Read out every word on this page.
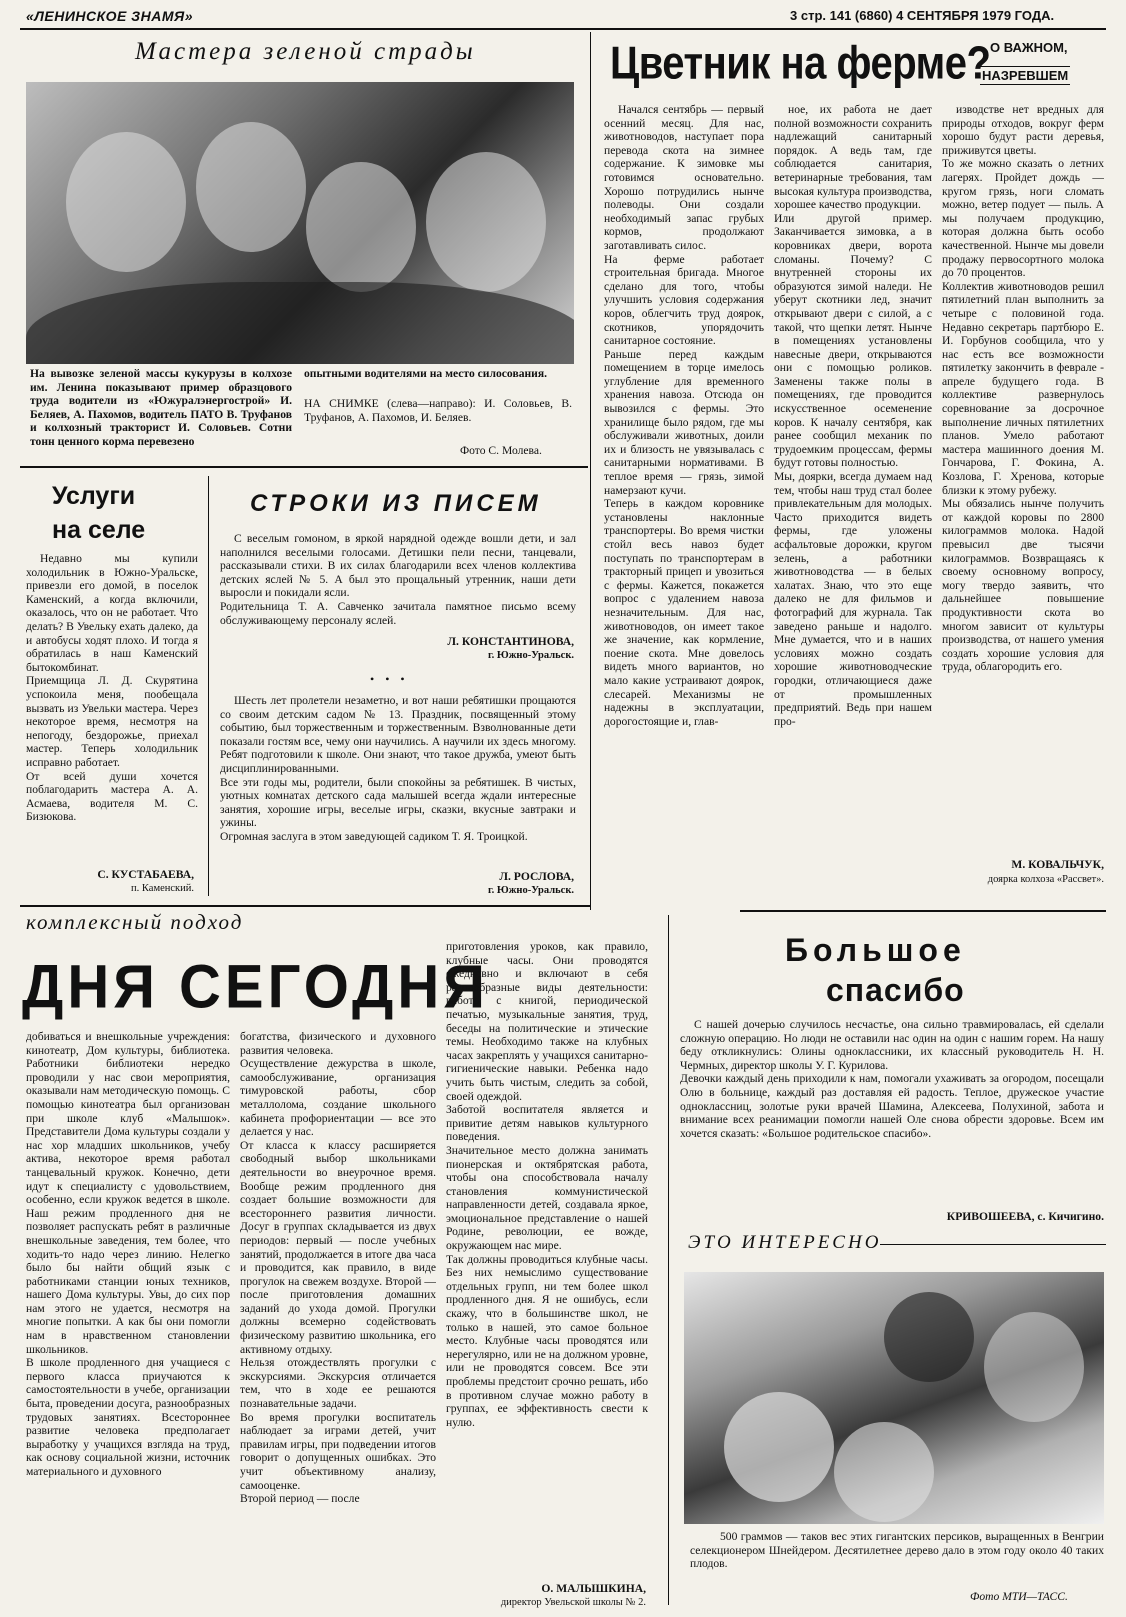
«ЛЕНИНСКОЕ ЗНАМЯ»	3 стр. 141 (6860) 4 СЕНТЯБРЯ 1979 ГОДА.
Мастера зеленой страды
На вывозке зеленой массы кукурузы в колхозе им. Ленина показывают пример образцового труда водители из «Южуралэнергострой» И. Беляев, А. Пахомов, водитель ПАТО В. Труфанов и колхозный тракторист И. Соловьев. Сотни тонн ценного корма перевезено
опытными водителями на место силосования.
НА СНИМКЕ (слева—направо): И. Соловьев, В. Труфанов, А. Пахомов, И. Беляев.
Фото С. Молева.
Цветник на ферме? О ВАЖНОМ,
НАЗРЕВШЕМ
Начался сентябрь — первый осенний месяц. Для нас, животноводов, наступает пора перевода скота на зимнее содержание. К зимовке мы готовимся основательно. Хорошо потрудились нынче полеводы. Они создали необходимый запас грубых кормов, продолжают заготавливать силос.
На ферме работает строительная бригада. Многое сделано для того, чтобы улучшить условия содержания коров, облегчить труд доярок, скотников, упорядочить санитарное состояние.
Раньше перед каждым помещением в торце имелось углубление для временного хранения навоза. Отсюда он вывозился с фермы. Это хранилище было рядом, где мы обслуживали животных, доили их и близость не увязывалась с санитарными нормативами. В теплое время — грязь, зимой намерзают кучи.
Теперь в каждом коровнике установлены наклонные транспортеры. Во время чистки стойл весь навоз будет поступать по транспортерам в тракторный прицеп и увозиться с фермы. Кажется, покажется вопрос с удалением навоза незначительным. Для нас, животноводов, он имеет такое же значение, как кормление, поение скота. Мне довелось видеть много вариантов, но мало какие устраивают доярок, слесарей. Механизмы не надежны в эксплуатации, дорогостоящие и, глав-
ное, их работа не дает полной возможности сохранить надлежащий санитарный порядок. А ведь там, где соблюдается санитария, ветеринарные требования, там высокая культура производства, хорошее качество продукции.
Или другой пример. Заканчивается зимовка, а в коровниках двери, ворота сломаны. Почему? С внутренней стороны их образуются зимой наледи. Не уберут скотники лед, значит открывают двери с силой, а с такой, что щепки летят. Нынче в помещениях установлены навесные двери, открываются они с помощью роликов. Заменены также полы в помещениях, где проводится искусственное осеменение коров. К началу сентября, как ранее сообщил механик по трудоемким процессам, фермы будут готовы полностью.
Мы, доярки, всегда думаем над тем, чтобы наш труд стал более привлекательным для молодых. Часто приходится видеть фермы, где уложены асфальтовые дорожки, кругом зелень, а работники животноводства — в белых халатах. Знаю, что это еще далеко не для фильмов и фотографий для журнала. Так заведено раньше и надолго. Мне думается, что и в наших условиях можно создать хорошие животноводческие городки, отличающиеся даже от промышленных предприятий. Ведь при нашем про-
изводстве нет вредных для природы отходов, вокруг ферм хорошо будут расти деревья, приживутся цветы.
То же можно сказать о летних лагерях. Пройдет дождь — кругом грязь, ноги сломать можно, ветер подует — пыль. А мы получаем продукцию, которая должна быть особо качественной. Нынче мы довели продажу первосортного молока до 70 процентов.
Коллектив животноводов решил пятилетний план выполнить за четыре с половиной года. Недавно секретарь партбюро Е. И. Горбунов сообщила, что у нас есть все возможности пятилетку закончить в феврале - апреле будущего года. В коллективе развернулось соревнование за досрочное выполнение личных пятилетних планов. Умело работают мастера машинного доения М. Гончарова, Г. Фокина, А. Козлова, Г. Хренова, которые близки к этому рубежу.
Мы обязались нынче получить от каждой коровы по 2800 килограммов молока. Надой превысил две тысячи килограммов. Возвращаясь к своему основному вопросу, могу твердо заявить, что дальнейшее повышение продуктивности скота во многом зависит от культуры производства, от нашего умения создать хорошие условия для труда, облагородить его.
М. КОВАЛЬЧУК,
доярка колхоза «Рассвет».
Услуги
на селе
Недавно мы купили холодильник в Южно-Уральске, привезли его домой, в поселок Каменский, а когда включили, оказалось, что он не работает. Что делать? В Увельку ехать далеко, да и автобусы ходят плохо. И тогда я обратилась в наш Каменский бытокомбинат.
Приемщица Л. Д. Скурятина успокоила меня, пообещала вызвать из Увельки мастера. Через некоторое время, несмотря на непогоду, бездорожье, приехал мастер. Теперь холодильник исправно работает.
От всей души хочется поблагодарить мастера А. А. Асмаева, водителя М. С. Бизюкова.
С. КУСТАБАЕВА,
п. Каменский.
СТРОКИ ИЗ ПИСЕМ
С веселым гомоном, в яркой нарядной одежде вошли дети, и зал наполнился веселыми голосами. Детишки пели песни, танцевали, рассказывали стихи. В их силах благодарили всех членов коллектива детских яслей № 5. А был это прощальный утренник, наши дети выросли и покидали ясли.
Родительница Т. А. Савченко зачитала памятное письмо всему обслуживающему персоналу яслей.
Л. КОНСТАНТИНОВА,
г. Южно-Уральск.
• • •
Шесть лет пролетели незаметно, и вот наши ребятишки прощаются со своим детским садом № 13. Праздник, посвященный этому событию, был торжественным и торжественным. Взволнованные дети показали гостям все, чему они научились. А научили их здесь многому. Ребят подготовили к школе. Они знают, что такое дружба, умеют быть дисциплинированными.
Все эти годы мы, родители, были спокойны за ребятишек. В чистых, уютных комнатах детского сада малышей всегда ждали интересные занятия, хорошие игры, веселые игры, сказки, вкусные завтраки и ужины.
Огромная заслуга в этом заведующей садиком Т. Я. Троицкой.
Л. РОСЛОВА,
г. Южно-Уральск.
комплексный подход
ДНЯ СЕГОДНЯ
добиваться и внешкольные учреждения: кинотеатр, Дом культуры, библиотека. Работники библиотеки нередко проводили у нас свои мероприятия, оказывали нам методическую помощь. С помощью кинотеатра был организован при школе клуб «Малышок». Представители Дома культуры создали у нас хор младших школьников, учебу актива, некоторое время работал танцевальный кружок. Конечно, дети идут к специалисту с удовольствием, особенно, если кружок ведется в школе. Наш режим продленного дня не позволяет распускать ребят в различные внешкольные заведения, тем более, что ходить-то надо через линию. Нелегко было бы найти общий язык с работниками станции юных техников, нашего Дома культуры. Увы, до сих пор нам этого не удается, несмотря на многие попытки. А как бы они помогли нам в нравственном становлении школьников.
В школе продленного дня учащиеся с первого класса приучаются к самостоятельности в учебе, организации быта, проведении досуга, разнообразных трудовых занятиях. Всестороннее развитие человека предполагает выработку у учащихся взгляда на труд, как основу социальной жизни, источник материального и духовного
богатства, физического и духовного развития человека.
Осуществление дежурства в школе, самообслуживание, организация тимуровской работы, сбор металлолома, создание школьного кабинета профориентации — все это делается у нас.
От класса к классу расширяется свободный выбор школьниками деятельности во внеурочное время. Вообще режим продленного дня создает большие возможности для всестороннего развития личности. Досуг в группах складывается из двух периодов: первый — после учебных занятий, продолжается в итоге два часа и проводится, как правило, в виде прогулок на свежем воздухе. Второй — после приготовления домашних заданий до ухода домой. Прогулки должны всемерно содействовать физическому развитию школьника, его активному отдыху.
Нельзя отождествлять прогулки с экскурсиями. Экскурсия отличается тем, что в ходе ее решаются познавательные задачи.
Во время прогулки воспитатель наблюдает за играми детей, учит правилам игры, при подведении итогов говорит о допущенных ошибках. Это учит объективному анализу, самооценке.
Второй период — после
приготовления уроков, как правило, клубные часы. Они проводятся ежедневно и включают в себя разнообразные виды деятельности: работа с книгой, периодической печатью, музыкальные занятия, труд, беседы на политические и этические темы. Необходимо также на клубных часах закреплять у учащихся санитарно-гигиенические навыки. Ребенка надо учить быть чистым, следить за собой, своей одеждой.
Заботой воспитателя является и привитие детям навыков культурного поведения.
Значительное место должна занимать пионерская и октябрятская работа, чтобы она способствовала началу становления коммунистической направленности детей, создавала яркое, эмоциональное представление о нашей Родине, революции, ее вожде, окружающем нас мире.
Так должны проводиться клубные часы. Без них немыслимо существование отдельных групп, ни тем более школ продленного дня. Я не ошибусь, если скажу, что в большинстве школ, не только в нашей, это самое больное место. Клубные часы проводятся или нерегулярно, или не на должном уровне, или не проводятся совсем. Все эти проблемы предстоит срочно решать, ибо в противном случае можно работу в группах, ее эффективность свести к нулю.
О. МАЛЫШКИНА,
директор Увельской школы № 2.
Большое
спасибо
С нашей дочерью случилось несчастье, она сильно травмировалась, ей сделали сложную операцию. Но люди не оставили нас один на один с нашим горем. На нашу беду откликнулись: Олины одноклассники, их классный руководитель Н. Н. Чермных, директор школы У. Г. Курилова.
Девочки каждый день приходили к нам, помогали ухаживать за огородом, посещали Олю в больнице, каждый раз доставляя ей радость. Теплое, дружеское участие одноклассниц, золотые руки врачей Шамина, Алексеева, Полухиной, забота и внимание всех реанимации помогли нашей Оле снова обрести здоровье. Всем им хочется сказать: «Большое родительское спасибо».
КРИВОШЕЕВА, с. Кичигино.
ЭТО ИНТЕРЕСНО
500 граммов — таков вес этих гигантских персиков, выращенных в Венгрии селекционером Шнейдером. Десятилетнее дерево дало в этом году около 40 таких плодов.
Фото МТИ—ТАСС.
